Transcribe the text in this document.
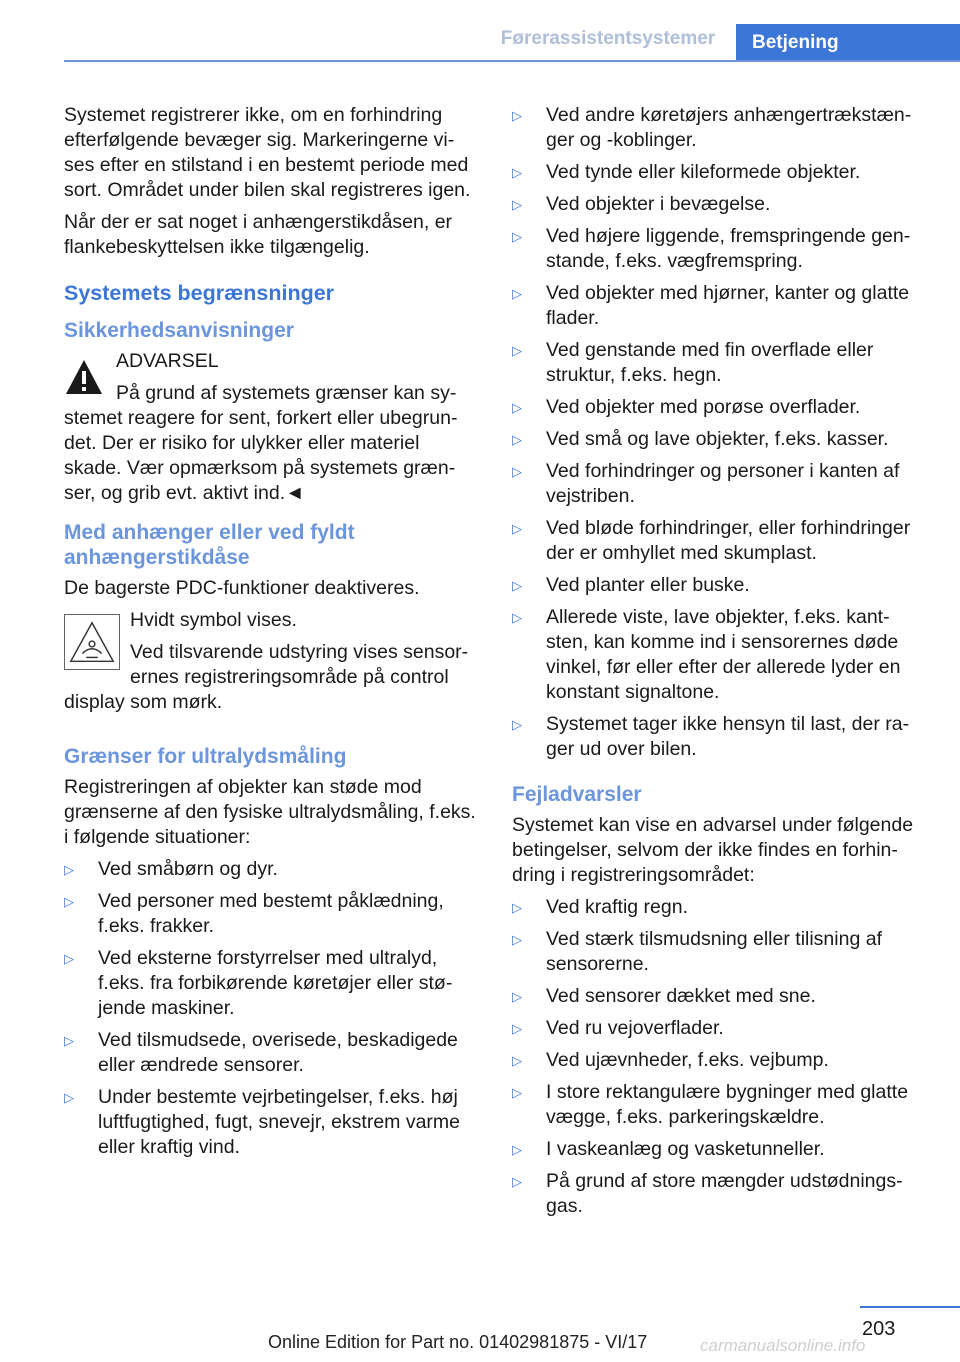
Førerassistentsystemer	Betjening

Systemet registrerer ikke, om en forhindring efterfølgende bevæger sig. Markeringerne vises efter en stilstand i en bestemt periode med sort. Området under bilen skal registreres igen.

Når der er sat noget i anhængerstikdåsen, er flankebeskyttelsen ikke tilgængelig.

Systemets begrænsninger
Sikkerhedsanvisninger
ADVARSEL
På grund af systemets grænser kan systemet reagere for sent, forkert eller ubegrundet. Der er risiko for ulykker eller materiel skade. Vær opmærksom på systemets grænser, og grib evt. aktivt ind.◄
Med anhænger eller ved fyldt anhængerstikdåse

De bagerste PDC-funktioner deaktiveres.

Hvidt symbol vises.

Ved tilsvarende udstyring vises sensorernes registreringsområde på control display som mørk.

Grænser for ultralydsmåling

Registreringen af objekter kan støde mod grænserne af den fysiske ultralydsmåling, f.eks. i følgende situationer:

▷	Ved småbørn og dyr.
▷	Ved personer med bestemt påklædning, f.eks. frakker.
▷	Ved eksterne forstyrrelser med ultralyd, f.eks. fra forbikørende køretøjer eller støjende maskiner.
▷	Ved tilsmudsede, overisede, beskadigede eller ændrede sensorer.
▷	Under bestemte vejrbetingelser, f.eks. høj luftfugtighed, fugt, snevejr, ekstrem varme eller kraftig vind.
▷	Ved andre køretøjers anhængertrækstænger og -koblinger.
▷	Ved tynde eller kileformede objekter.
▷	Ved objekter i bevægelse.
▷	Ved højere liggende, fremspringende genstande, f.eks. vægfremspring.
▷	Ved objekter med hjørner, kanter og glatte flader.
▷	Ved genstande med fin overflade eller struktur, f.eks. hegn.
▷	Ved objekter med porøse overflader.
▷	Ved små og lave objekter, f.eks. kasser.
▷	Ved forhindringer og personer i kanten af vejstriben.
▷	Ved bløde forhindringer, eller forhindringer der er omhyllet med skumplast.
▷	Ved planter eller buske.
▷	Allerede viste, lave objekter, f.eks. kantsten, kan komme ind i sensorernes døde vinkel, før eller efter der allerede lyder en konstant signaltone.
▷	Systemet tager ikke hensyn til last, der rager ud over bilen.
Fejladvarsler

Systemet kan vise en advarsel under følgende betingelser, selvom der ikke findes en forhindring i registreringsområdet:

▷	Ved kraftig regn.
▷	Ved stærk tilsmudsning eller tilisning af sensorerne.
▷	Ved sensorer dækket med sne.
▷	Ved ru vejoverflader.
▷	Ved ujævnheder, f.eks. vejbump.
▷	I store rektangulære bygninger med glatte vægge, f.eks. parkeringskældre.
▷	I vaskeanlæg og vasketunneller.
▷	På grund af store mængder udstødningsgas.
203
Online Edition for Part no. 01402981875 - VI/17	carmanualsonline.info
